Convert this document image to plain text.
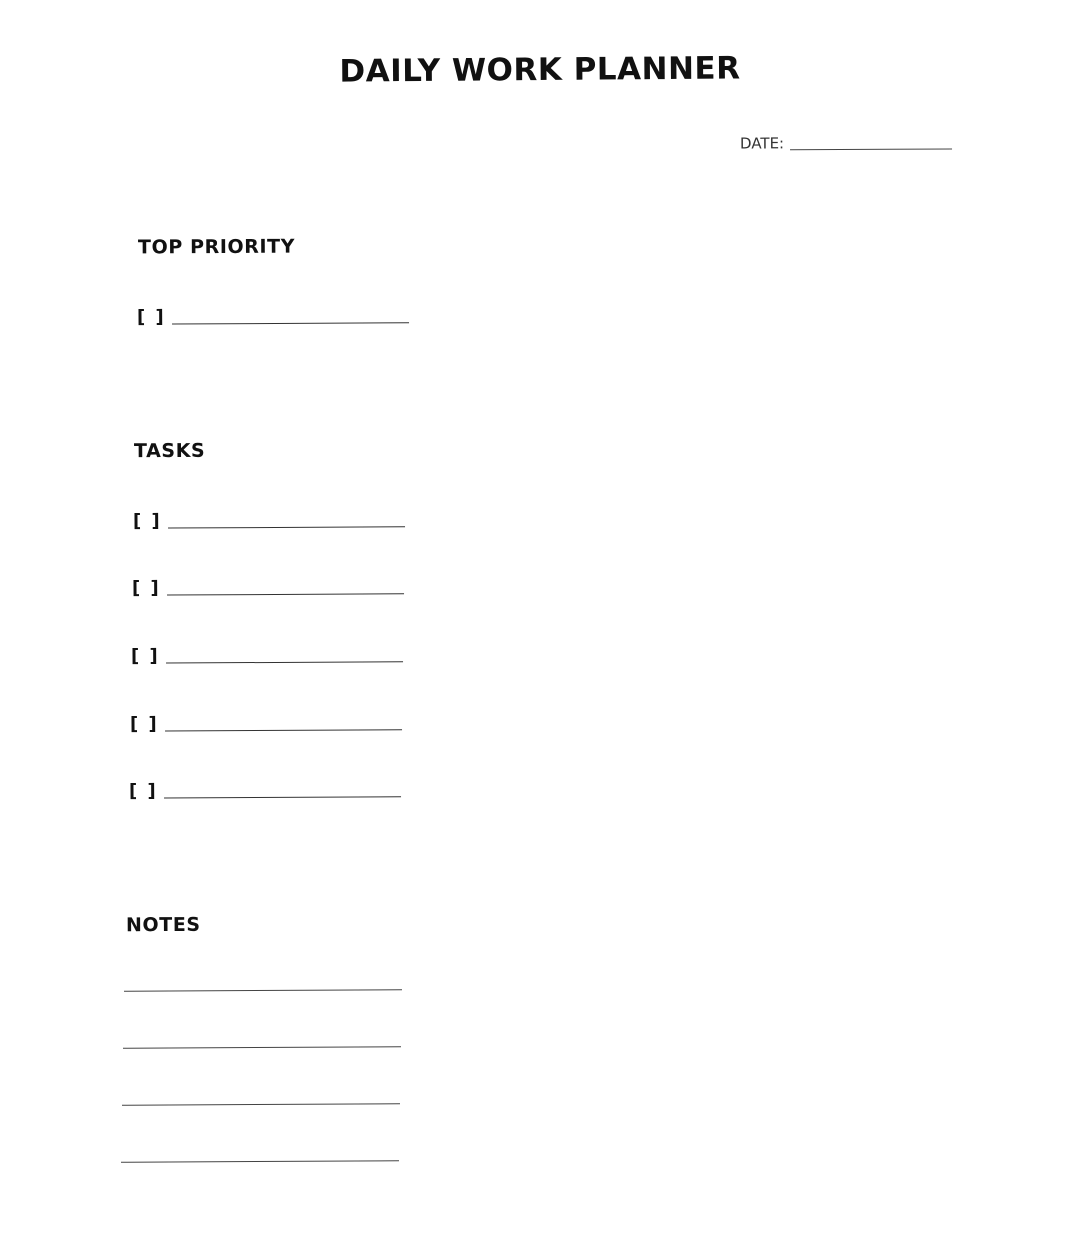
DAILY WORK PLANNER
DATE:
TOP PRIORITY
[ ]
TASKS
[ ]
[ ]
[ ]
[ ]
[ ]
NOTES
